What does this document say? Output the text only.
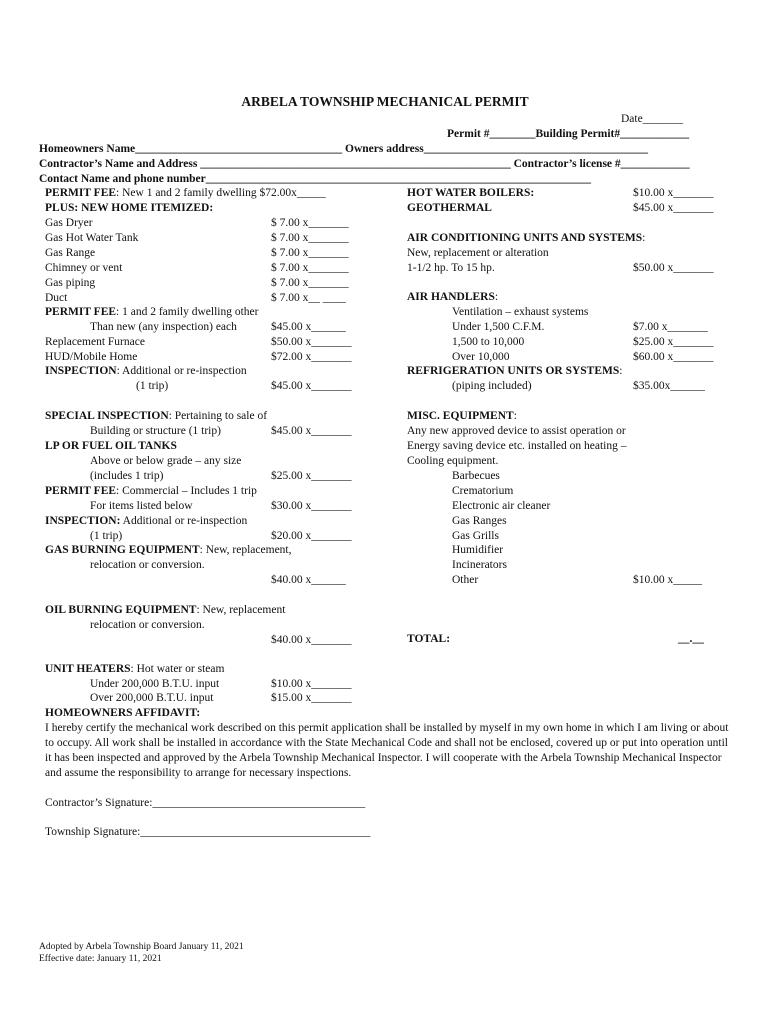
ARBELA TOWNSHIP MECHANICAL PERMIT
Date_______
Permit #________Building Permit#____________
Homeowners Name____________________________________ Owners address_______________________________________
Contractor’s Name and Address ______________________________________________________ Contractor’s license #____________
Contact Name and phone number___________________________________________________________________
PERMIT FEE: New 1 and 2 family dwelling $72.00x_____
PLUS: NEW HOME ITEMIZED:
Gas Dryer	$ 7.00 x_______
Gas Hot Water Tank	$ 7.00 x_______
Gas Range	$ 7.00 x_______
Chimney or vent	$ 7.00 x_______
Gas piping	$ 7.00 x_______
Duct	$ 7.00 x__ ____
PERMIT FEE: 1 and 2 family dwelling other
Than new (any inspection) each	$45.00 x______
Replacement Furnace	$50.00 x_______
HUD/Mobile Home	$72.00 x_______
INSPECTION: Additional or re-inspection
(1 trip)	$45.00 x_______
SPECIAL INSPECTION: Pertaining to sale of
Building or structure (1 trip)	$45.00 x_______
LP OR FUEL OIL TANKS
Above or below grade – any size
(includes 1 trip)	$25.00 x_______
PERMIT FEE: Commercial – Includes 1 trip
For items listed below	$30.00 x_______
INSPECTION: Additional or re-inspection
(1 trip)	$20.00 x_______
GAS BURNING EQUIPMENT: New, replacement,
relocation or conversion.
$40.00 x______
OIL BURNING EQUIPMENT: New, replacement
relocation or conversion.
$40.00 x_______
UNIT HEATERS: Hot water or steam
Under 200,000 B.T.U. input	$10.00 x_______
Over 200,000 B.T.U. input	$15.00 x_______
HOT WATER BOILERS:	$10.00 x_______
GEOTHERMAL	$45.00 x_______
AIR CONDITIONING UNITS AND SYSTEMS:
New, replacement or alteration
1-1/2 hp. To 15 hp.	$50.00 x_______
AIR HANDLERS:
Ventilation – exhaust systems
Under 1,500 C.F.M.	$7.00 x_______
1,500 to 10,000	$25.00 x_______
Over 10,000	$60.00 x_______
REFRIGERATION UNITS OR SYSTEMS:
(piping included)	$35.00x______
MISC. EQUIPMENT:
Any new approved device to assist operation or
Energy saving device etc. installed on heating –
Cooling equipment.
Barbecues
Crematorium
Electronic air cleaner
Gas Ranges
Gas Grills
Humidifier
Incinerators
Other	$10.00 x_____
TOTAL:	__.__
HOMEOWNERS AFFIDAVIT:
I hereby certify the mechanical work described on this permit application shall be installed by myself in my own home in which I am living or about to occupy. All work shall be installed in accordance with the State Mechanical Code and shall not be enclosed, covered up or put into operation until it has been inspected and approved by the Arbela Township Mechanical Inspector. I will cooperate with the Arbela Township Mechanical Inspector and assume the responsibility to arrange for necessary inspections.
Contractor’s Signature:_____________________________________
Township Signature:________________________________________
Adopted by Arbela Township Board January 11, 2021
Effective date: January 11, 2021
